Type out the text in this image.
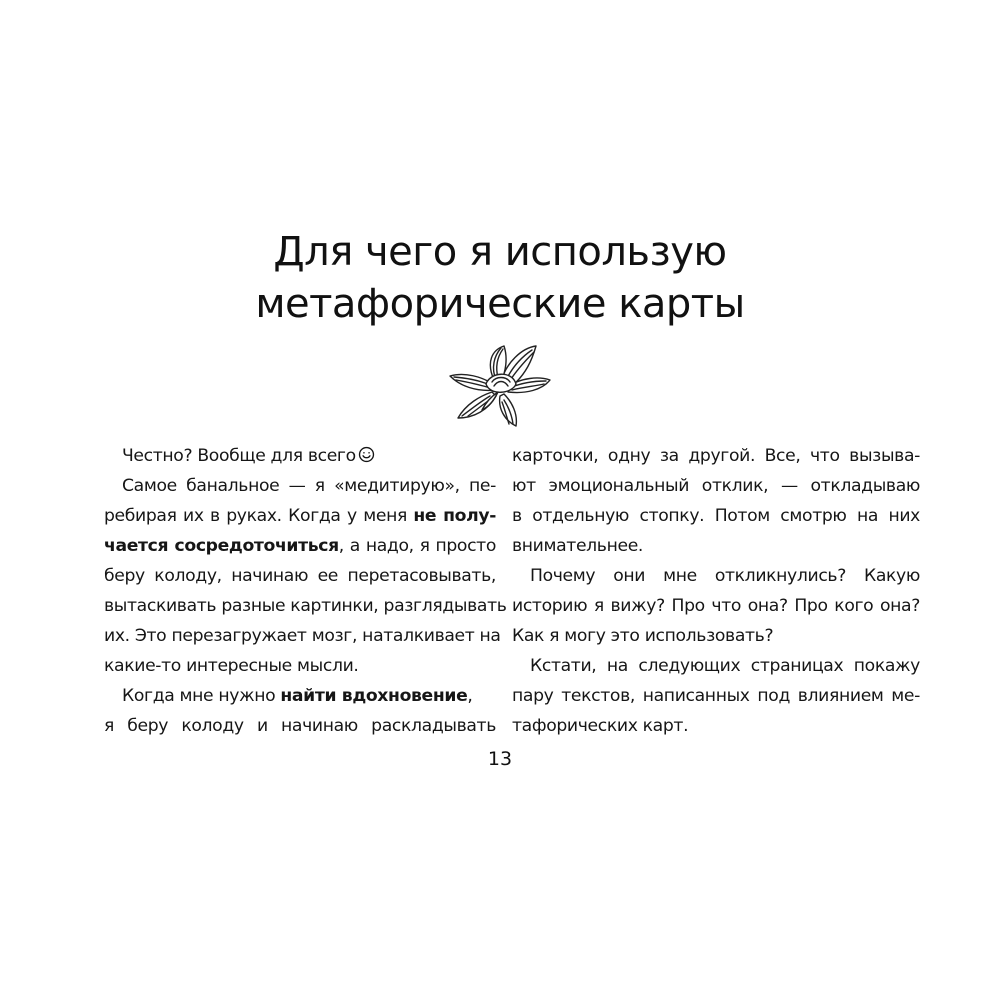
Для чего я использую
метафорические карты
Честно? Вообще для всего
Самое банальное — я «медитирую», пе-
ребирая их в руках. Когда у меня не полу-
чается сосредоточиться, а надо, я просто
беру колоду, начинаю ее перетасовывать,
вытаскивать разные картинки, разглядывать
их. Это перезагружает мозг, наталкивает на
какие-то интересные мысли.
Когда мне нужно найти вдохновение,
я беру колоду и начинаю раскладывать
карточки, одну за другой. Все, что вызыва-
ют эмоциональный отклик, — откладываю
в отдельную стопку. Потом смотрю на них
внимательнее.
Почему они мне откликнулись? Какую
историю я вижу? Про что она? Про кого она?
Как я могу это использовать?
Кстати, на следующих страницах покажу
пару текстов, написанных под влиянием ме-
тафорических карт.
13
